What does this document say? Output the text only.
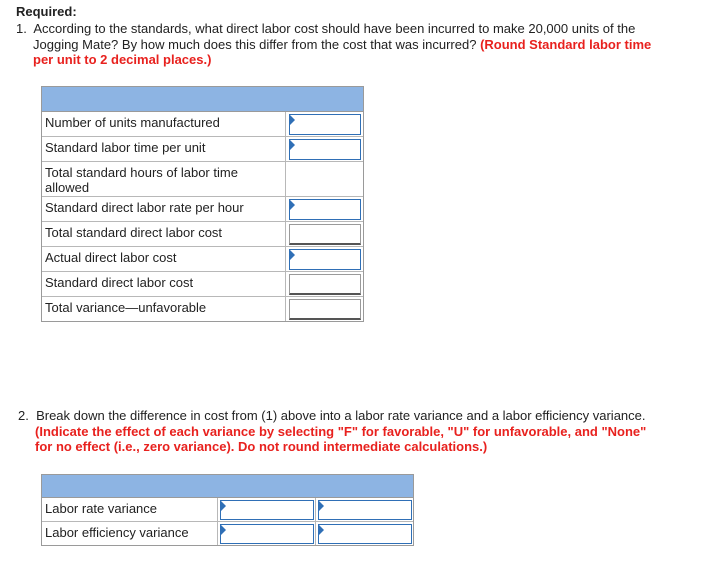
Required:
1. According to the standards, what direct labor cost should have been incurred to make 20,000 units of the Jogging Mate? By how much does this differ from the cost that was incurred? (Round Standard labor time per unit to 2 decimal places.)
Number of units manufactured
Standard labor time per unit
Total standard hours of labor time allowed
Standard direct labor rate per hour
Total standard direct labor cost
Actual direct labor cost
Standard direct labor cost
Total variance—unfavorable
2. Break down the difference in cost from (1) above into a labor rate variance and a labor efficiency variance. (Indicate the effect of each variance by selecting "F" for favorable, "U" for unfavorable, and "None" for no effect (i.e., zero variance). Do not round intermediate calculations.)
Labor rate variance
Labor efficiency variance
